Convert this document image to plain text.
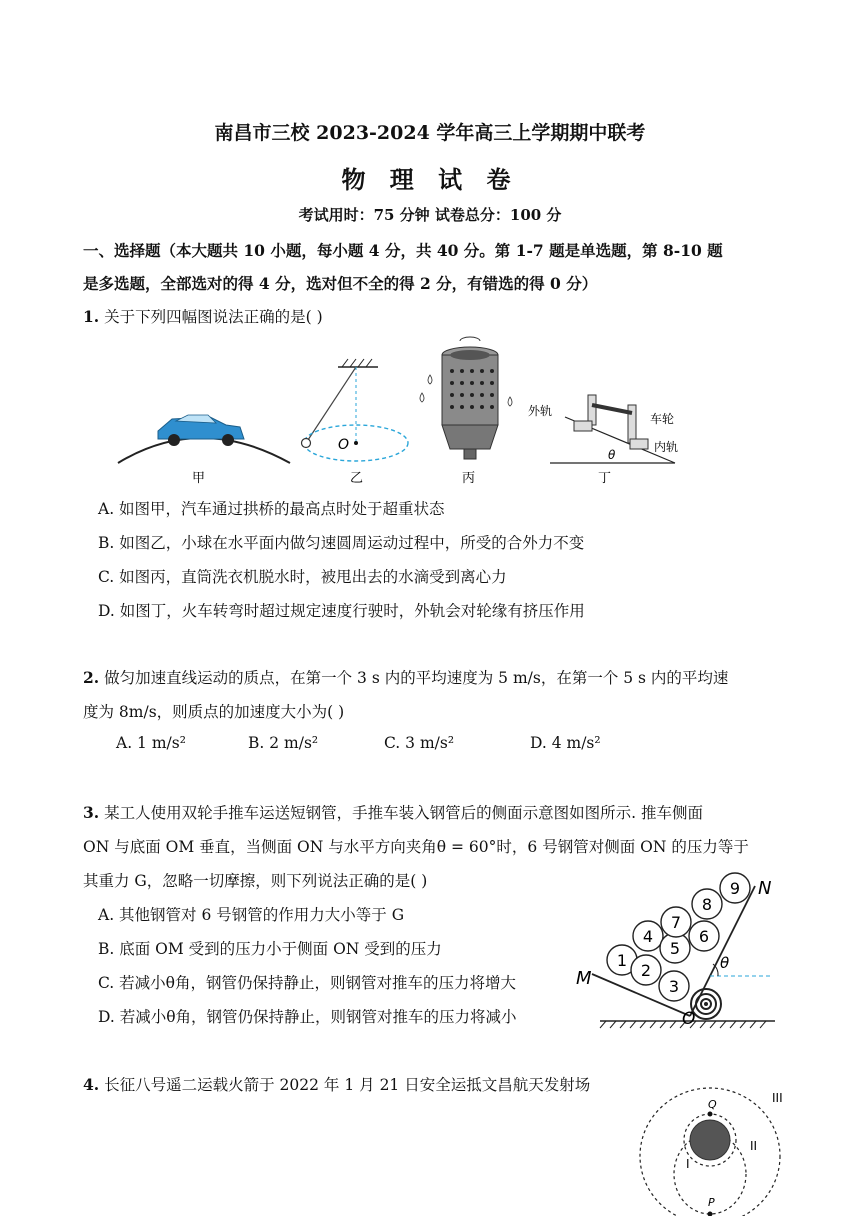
南昌市三校 2023-2024 学年高三上学期期中联考
物 理 试 卷
考试用时：75 分钟 试卷总分：100 分
一、选择题（本大题共 10 小题，每小题 4 分，共 40 分。第 1-7 题是单选题，第 8-10 题
是多选题，全部选对的得 4 分，选对但不全的得 2 分，有错选的得 0 分）
1. 关于下列四幅图说法正确的是( )
甲
O
乙	丙
外轨
车轮
内轨
θ
丁
A. 如图甲，汽车通过拱桥的最高点时处于超重状态
B. 如图乙，小球在水平面内做匀速圆周运动过程中，所受的合外力不变
C. 如图丙，直筒洗衣机脱水时，被甩出去的水滴受到离心力
D. 如图丁，火车转弯时超过规定速度行驶时，外轨会对轮缘有挤压作用
2. 做匀加速直线运动的质点，在第一个 3 s 内的平均速度为 5 m/s，在第一个 5 s 内的平均速
度为 8m/s，则质点的加速度大小为( )
A. 1 m/s²	B. 2 m/s²	C. 3 m/s²	D. 4 m/s²
3. 某工人使用双轮手推车运送短钢管，手推车装入钢管后的侧面示意图如图所示. 推车侧面
ON 与底面 OM 垂直，当侧面 ON 与水平方向夹角θ = 60°时，6 号钢管对侧面 ON 的压力等于
其重力 G，忽略一切摩擦，则下列说法正确的是( )
A. 其他钢管对 6 号钢管的作用力大小等于 G
B. 底面 OM 受到的压力小于侧面 ON 受到的压力
C. 若减小θ角，钢管仍保持静止，则钢管对推车的压力将增大
D. 若减小θ角，钢管仍保持静止，则钢管对推车的压力将减小
1
2
3
4
5
6
7
8
9
M
N
O
θ
4. 长征八号遥二运载火箭于 2022 年 1 月 21 日安全运抵文昌航天发射场
Q
P
III
II
I
